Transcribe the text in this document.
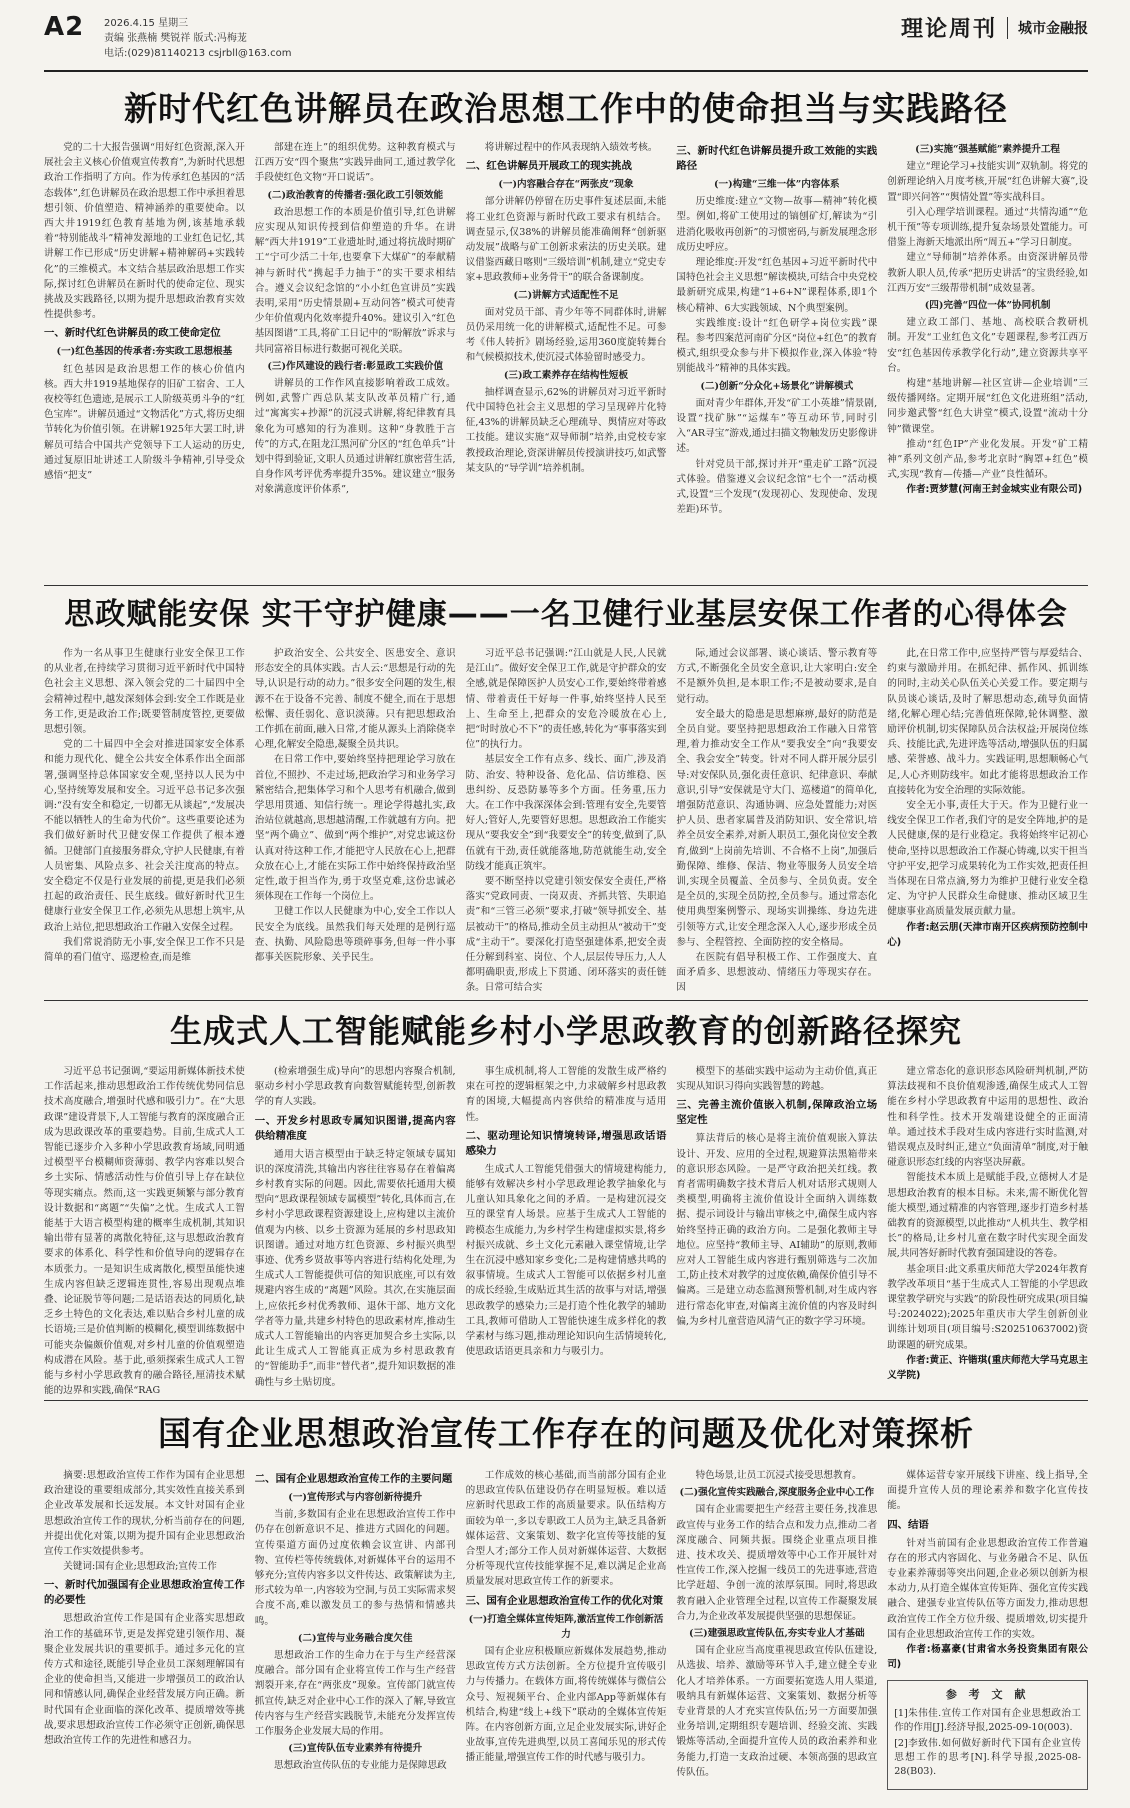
A2 2026.4.15 星期三
责编 张燕楠 樊锐祥 版式:冯梅茏
电话:(029)81140213 csjrbll@163.com
理论周刊 城市金融报
新时代红色讲解员在政治思想工作中的使命担当与实践路径

党的二十大报告强调“用好红色资源,深入开展社会主义核心价值观宣传教育”,为新时代思想政治工作指明了方向。作为传承红色基因的“活态载体”,红色讲解员在政治思想工作中承担着思想引领、价值塑造、精神涵养的重要使命。以西大井1919红色教育基地为例,该基地承载着“特别能战斗”精神发源地的工业红色记忆,其讲解工作已形成“历史讲解+精神解码+实践转化”的三维模式。本文结合基层政治思想工作实际,探讨红色讲解员在新时代的使命定位、现实挑战及实践路径,以期为提升思想政治教育实效性提供参考。

一、新时代红色讲解员的政工使命定位
(一)红色基因的传承者:夯实政工思想根基

红色基因是政治思想工作的核心价值内核。西大井1919基地保存的旧矿工宿舍、工人夜校等红色遗迹,是展示工人阶级英勇斗争的“红色宝库”。讲解员通过“文物活化”方式,将历史细节转化为价值引领。在讲解1925年大罢工时,讲解员可结合中国共产党领导下工人运动的历史,通过复原旧址讲述工人阶级斗争精神,引导受众感悟“把支”

部建在连上”的组织优势。这种教育模式与江西万安“四个聚焦”实践异曲同工,通过教学化手段使红色文物“开口说话”。

(二)政治教育的传播者:强化政工引领效能

政治思想工作的本质是价值引导,红色讲解应实现从知识传授到信仰塑造的升华。在讲解“西大井1919”工业遗址时,通过将抗战时期矿工“宁可少活二十年,也要拿下大煤矿”的奉献精神与新时代“携起手力抽于”的实干要求相结合。遵义会议纪念馆的“小小红色宣讲员”实践表明,采用“历史情景剧+互动问答”模式可使青少年价值观内化效率提升40%。建议引入“红色基因图谱”工具,将矿工日记中的“盼解放”诉求与共同富裕目标进行数据可视化关联。

(三)作风建设的践行者:彰显政工实践价值

讲解员的工作作风直接影响着政工成效。例如,武警广西总队某支队改革员精广行,通过“寓寓实+抄源”的沉浸式讲解,将纪律教育具象化为可感知的行为准则。这种“身教胜于言传”的方式,在阻龙江黑河矿分区的“红色单兵”计划中得到验证,文职人员通过讲解红旗密营生活,自身作风考评优秀率提升35%。建议建立“服务对象满意度评价体系”,

将讲解过程中的作风表现纳入绩效考核。

二、红色讲解员开展政工的现实挑战
(一)内容融合存在“两张皮”现象

部分讲解仍停留在历史事件复述层面,未能将工业红色资源与新时代政工要求有机结合。调查显示,仅38%的讲解员能准确阐释“创新驱动发展”战略与矿工创新求索法的历史关联。建议借鉴西藏日喀则“三级培训”机制,建立“党史专家+思政教师+业务骨干”的联合备课制度。

(二)讲解方式适配性不足

面对党员干部、青少年等不同群体时,讲解员仍采用统一化的讲解模式,适配性不足。可参考《伟人转折》剧场经验,运用360度旋转舞台和气候模拟技术,使沉浸式体验留时感受力。

(三)政工素养存在结构性短板

抽样调查显示,62%的讲解员对习近平新时代中国特色社会主义思想的学习呈现碎片化特征,43%的讲解员缺乏心理疏导、舆情应对等政工技能。建议实施“双导师制”培养,由党校专家教授政治理论,资深讲解员传授演讲技巧,如武警某支队的“导学训”培养机制。

三、新时代红色讲解员提升政工效能的实践路径
(一)构建“三维一体”内容体系

历史维度:建立“文物—故事—精神”转化模型。例如,将矿工使用过的镐刨矿灯,解读为“引进消化吸收再创新”的习惯密码,与新发展理念形成历史呼应。

理论维度:开发“红色基因+习近平新时代中国特色社会主义思想”解读模块,可结合中央党校最新研究成果,构建“1+6+N”课程体系,即1个核心精神、6大实践领域、N个典型案例。

实践维度:设计“红色研学+岗位实践”课程。参考四案范河南矿分区“岗位+红色”的教育模式,组织受众参与井下模拟作业,深入体验“特别能战斗”精神的具体实践。

(二)创新“分众化+场景化”讲解模式

面对青少年群体,开发“矿工小英雄”情景剧,设置“找矿脉”“运煤车”等互动环节,同时引入“AR寻宝”游戏,通过扫描文物触发历史影像讲述。

针对党员干部,探讨并开“重走矿工路”沉浸式体验。借鉴遵义会议纪念馆“七个一”活动模式,设置“三个发现”(发现初心、发现使命、发现差距)环节。

(三)实施“强基赋能”素养提升工程

建立“理论学习+技能实训”双轨制。将党的创新理论纳入月度考核,开展“红色讲解大赛”,设置“即兴问答”“舆情处置”等实战科目。

引入心理学培训课程。通过“共情沟通”“危机干预”等专项训练,提升复杂场景处置能力。可借鉴上海新天地派出所“周五+”学习日制度。

建立“导师制”培养体系。由资深讲解员带教新人职人员,传承“把历史讲活”的宝贵经验,如江西万安“三级帮带机制”成效显著。

(四)完善“四位一体”协同机制

建立政工部门、基地、高校联合教研机制。开发“工业红色文化”专题课程,参考江西万安“红色基因传承教学化行动”,建立资源共享平台。

构建“基地讲解—社区宣讲—企业培训”三级传播网络。定期开展“红色文化进班组”活动,同步邀武警“红色大讲堂”模式,设置“流动十分钟”微课堂。

推动“红色IP”产业化发展。开发“矿工精神”系列文创产品,参考北京时“胸罩+红色”模式,实现“教育—传播—产业”良性循环。

作者:贾梦慧(河南王封金城实业有限公司)

思政赋能安保 实干守护健康——一名卫健行业基层安保工作者的心得体会

作为一名从事卫生健康行业安全保卫工作的从业者,在持续学习贯彻习近平新时代中国特色社会主义思想、深入领会党的二十届四中全会精神过程中,越发深刻体会到:安全工作既是业务工作,更是政治工作;既要管制度管控,更要做思想引领。

党的二十届四中全会对推进国家安全体系和能力现代化、健全公共安全体系作出全面部署,强调坚持总体国家安全观,坚持以人民为中心,坚持统筹发展和安全。习近平总书记多次强调:“没有安全和稳定,一切都无从谈起”,“发展决不能以牺牲人的生命为代价”。这些重要论述为我们做好新时代卫健安保工作提供了根本遵循。卫健部门直接服务群众,守护人民健康,有着人员密集、风险点多、社会关注度高的特点。安全稳定不仅是行业发展的前提,更是我们必须扛起的政治责任、民生底线。做好新时代卫生健康行业安全保卫工作,必须先从思想上筑牢,从政治上站位,把思想政治工作融入安保全过程。

我们常说消防无小事,安全保卫工作不只是简单的看门值守、巡逻检查,而是维

护政治安全、公共安全、医患安全、意识形态安全的具体实践。古人云:“思想是行动的先导,认识是行动的动力。”很多安全问题的发生,根源不在于设备不完善、制度不健全,而在于思想松懈、责任弱化、意识淡薄。只有把思想政治工作抓在前面,融入日常,才能从源头上消除侥幸心理,化解安全隐患,凝聚全员共识。

在日常工作中,要始终坚持把理论学习放在首位,不照抄、不走过场,把政治学习和业务学习紧密结合,把集体学习和个人思考有机融合,做到学思用贯通、知信行统一。理论学得越扎实,政治站位就越高,思想越清醒,工作就越有方向。把坚“两个确立”、做到“两个维护”,对党忠诚这份认真对待这种工作,才能把守人民放在心上,把群众放在心上,才能在实际工作中始终保持政治坚定性,敢于担当作为,勇于攻坚克难,这份忠诚必须体现在工作每一个岗位上。

卫健工作以人民健康为中心,安全工作以人民安全为底线。虽然我们每天处理的是例行巡查、执勤、风险隐患等琐碎事务,但每一件小事都事关医院形象、关乎民生。

习近平总书记强调:“江山就是人民,人民就是江山”。做好安全保卫工作,就是守护群众的安全感,就是保障医护人员安心工作,要始终带着感情、带着责任干好每一件事,始终坚持人民至上、生命至上,把群众的安危冷暖放在心上,把“时时放心不下”的责任感,转化为“事事落实到位”的执行力。

基层安全工作有点多、线长、面广,涉及消防、治安、特种设备、危化品、信访维稳、医患纠纷、反恐防暴等多个方面。任务重,压力大。在工作中我深深体会到:管理有安全,先要管好人;管好人,先要管好思想。思想政治工作能实现从“要我安全”到“我要安全”的转变,做到了,队伍就有干劲,责任就能落地,防范就能生动,安全防线才能真正筑牢。

要不断坚持以党建引领安保安全责任,严格落实“党政同责、一岗双责、齐抓共管、失职追责”和“三管三必须”要求,打破“领导抓安全、基层被动干”的格局,推动全员主动担从“被动干”变成“主动干”。要深化打造坚强建体系,把安全责任分解到科室、岗位、个人,层层传导压力,人人都明确职责,形成上下贯通、闭环落实的责任链条。日常可结合实

际,通过会议部署、谈心谈话、警示教育等方式,不断强化全员安全意识,让大家明白:安全不是额外负担,是本职工作;不是被动要求,是自觉行动。

安全最大的隐患是思想麻痹,最好的防范是全员自觉。要坚持把思想政治工作融入日常管理,着力推动安全工作从“要我安全”向“我要安全、我会安全”转变。针对不同人群开展分层引导:对安保队员,强化责任意识、纪律意识、奉献意识,引导“安保就是守大门、巡楼道”的简单化,增强防范意识、沟通协调、应急处置能力;对医护人员、患者家属普及消防知识、安全常识,培养全员安全素养,对新人职员工,强化岗位安全教育,做到“上岗前先培训、不合格不上岗”,加强后勤保障、维修、保洁、物业等服务人员安全培训,实现全员覆盖、全员参与、全员负责。安全是全员的,实现全员防控,全员参与。通过常态化使用典型案例警示、现场实训操练、身边先进引领等方式,让安全理念深入人心,逐步形成全员参与、全程管控、全面防控的安全格局。

在医院有倡导积极工作、工作强度大、直面矛盾多、思想波动、情绪压力等现实存在。因

此,在日常工作中,应坚持严管与厚爱结合、约束与激励并用。在抓纪律、抓作风、抓训练的同时,主动关心队伍关心关爱工作。要定期与队员谈心谈话,及时了解思想动态,疏导负面情绪,化解心理心结;完善值班保障,轮休调整、激励评价机制,切实保障队员合法权益;开展岗位练兵、技能比武,先进评选等活动,增强队伍的归属感、荣誉感、战斗力。实践证明,思想顺畅心气足,人心齐则防线牢。如此才能将思想政治工作直接转化为安全治理的实际效能。

安全无小事,责任大于天。作为卫健行业一线安全保卫工作者,我们守的是安全阵地,护的是人民健康,保的是行业稳定。我将始终牢记初心使命,坚持以思想政治工作凝心铸魂,以实干担当守护平安,把学习成果转化为工作实效,把责任担当体现在日常点滴,努力为维护卫健行业安全稳定、为守护人民群众生命健康、推动区域卫生健康事业高质量发展贡献力量。

作者:赵云朋(天津市南开区疾病预防控制中心)

生成式人工智能赋能乡村小学思政教育的创新路径探究

习近平总书记强调,“要运用新媒体新技术使工作活起来,推动思想政治工作传统优势同信息技术高度融合,增强时代感和吸引力”。在“大思政课”建设背景下,人工智能与教育的深度融合正成为思政课改革的重要趋势。目前,生成式人工智能已逐步介入多种小学思政教育场域,同明通过模型平台模糊师资薄弱、教学内容难以契合乡土实际、情感活动性与价值引导上存在缺位等现实痛点。然而,这一实践更频繁与部分教育设计数据和“离题”“失偏”之忧。生成式人工智能基于大语言模型构建的概率生成机制,其知识输出带有显著的离散化特征,这与思想政治教育要求的体系化、科学性和价值导向的逻辑存在本质张力。一是知识生成离散化,模型虽能快速生成内容但缺乏逻辑连贯性,容易出现观点堆叠、论证脱节等问题;二是话语表达的同质化,缺乏乡土特色的文化表达,难以贴合乡村儿童的成长语境;三是价值判断的模糊化,模型训练数据中可能夹杂偏颇价值观,对乡村儿童的价值观塑造构成潜在风险。基于此,亟须探索生成式人工智能与乡村小学思政教育的融合路径,厘清技术赋能的边界和实践,确保“RAG

(检索增强生成)导向”的思想内容聚合机制,驱动乡村小学思政教育向数智赋能转型,创新教学的育人实践。

一、开发乡村思政专属知识图谱,提高内容供给精准度

通用大语言模型由于缺乏特定领域专属知识的深度清洗,其输出内容往往容易存在着偏离乡村教育实际的问题。因此,需要依托通用大模型向“思政课程领域专属模型”转化,具体而言,在乡村小学思政课程资源建设上,应构建以主流价值观为内核、以乡土资源为延展的乡村思政知识图谱。通过对地方红色资源、乡村振兴典型事迹、优秀乡贤故事等内容进行结构化处理,为生成式人工智能提供可信的知识底座,可以有效规避内容生成的“离题”风险。其次,在实施层面上,应依托乡村优秀教师、退休干部、地方文化学者等力量,共建乡村特色的思政素材库,推动生成式人工智能输出的内容更加契合乡土实际,以此让生成式人工智能真正成为乡村思政教育的“智能助手”,而非“替代者”,提升知识数据的准确性与乡土贴切度。

事生成机制,将人工智能的发散生成严格约束在可控的逻辑框架之中,力求破解乡村思政教育的困境,大幅提高内容供给的精准度与适用性。

二、驱动理论知识情境转译,增强思政话语感染力

生成式人工智能凭借强大的情境建构能力,能够有效解决乡村小学思政理论教学抽象化与儿童认知具象化之间的矛盾。一是构建沉浸交互的课堂育人场景。应基于生成式人工智能的跨模态生成能力,为乡村学生构建虚拟实景,将乡村振兴成就、乡土文化元素融入课堂情境,让学生在沉浸中感知家乡变化;二是构建情感共鸣的叙事情境。生成式人工智能可以依据乡村儿童的成长经验,生成贴近其生活的故事与对话,增强思政教学的感染力;三是打造个性化教学的辅助工具,教师可借助人工智能快速生成多样化的教学素材与练习题,推动理论知识向生活情境转化,使思政话语更具亲和力与吸引力。

模型下的基础实践中运动为主动价值,真正实现从知识习得向实践智慧的跨越。

三、完善主流价值嵌入机制,保障政治立场坚定性

算法背后的核心是将主流价值观嵌入算法设计、开发、应用的全过程,规避算法黑箱带来的意识形态风险。一是严守政治把关红线。教育者需明确数字技术背后人机对话形式规则人类模型,明确将主流价值设计全面纳入训练数据、提示词设计与输出审核之中,确保生成内容始终坚持正确的政治方向。二是强化教师主导地位。应坚持“教师主导、AI辅助”的原则,教师应对人工智能生成内容进行甄别筛选与二次加工,防止技术对教学的过度依赖,确保价值引导不偏离。三是建立动态监测预警机制,对生成内容进行常态化审查,对偏离主流价值的内容及时纠偏,为乡村儿童营造风清气正的数字学习环境。

建立常态化的意识形态风险研判机制,严防算法歧视和不良价值观渗透,确保生成式人工智能在乡村小学思政教育中运用的思想性、政治性和科学性。技术开发端建设健全的正面清单。通过技术手段对生成内容进行实时监测,对错误观点及时纠正,建立“负面清单”制度,对于触碰意识形态红线的内容坚决屏蔽。

智能技术本质上是赋能手段,立德树人才是思想政治教育的根本目标。未来,需不断优化智能大模型,通过精准的内容管理,逐步打造乡村基础教育的资源模型,以此推动“人机共生、教学相长”的格局,让乡村儿童在数字时代实现全面发展,共同答好新时代教育强国建设的答卷。

基金项目:此文系重庆师范大学2024年教育教学改革项目“基于生成式人工智能的小学思政课堂教学研究与实践”的阶段性研究成果(项目编号:2024022);2025年重庆市大学生创新创业训练计划项目(项目编号:S202510637002)资助课题的研究成果。

作者:黄正、许锴琪(重庆师范大学马克思主义学院)

国有企业思想政治宣传工作存在的问题及优化对策探析

摘要:思想政治宣传工作作为国有企业思想政治建设的重要组成部分,其实效性直接关系到企业改革发展和长远发展。本文针对国有企业思想政治宣传工作的现状,分析当前存在的问题,并提出优化对策,以期为提升国有企业思想政治宣传工作实效提供参考。

关键词:国有企业;思想政治;宣传工作

一、新时代加强国有企业思想政治宣传工作的必要性

思想政治宣传工作是国有企业落实思想政治工作的基础环节,更是发挥党建引领作用、凝聚企业发展共识的重要抓手。通过多元化的宣传方式和途径,既能引导企业员工深刻理解国有企业的使命担当,又能进一步增强员工的政治认同和情感认同,确保企业经营发展方向正确。新时代国有企业面临的深化改革、提质增效等挑战,要求思想政治宣传工作必须守正创新,确保思想政治宣传工作的先进性和感召力。

二、国有企业思想政治宣传工作的主要问题
(一)宣传形式与内容创新待提升

当前,多数国有企业在思想政治宣传工作中仍存在创新意识不足、推进方式固化的问题。宣传渠道方面仍过度依赖会议宣讲、内部刊物、宣传栏等传统载体,对新媒体平台的运用不够充分;宣传内容多以文件传达、政策解读为主,形式较为单一,内容较为空洞,与员工实际需求契合度不高,难以激发员工的参与热情和情感共鸣。

(二)宣传与业务融合度欠佳

思想政治工作的生命力在于与生产经营深度融合。部分国有企业将宣传工作与生产经营割裂开来,存在“两张皮”现象。宣传部门就宣传抓宣传,缺乏对企业中心工作的深入了解,导致宣传内容与生产经营实践脱节,未能充分发挥宣传工作服务企业发展大局的作用。

(三)宣传队伍专业素养有待提升

思想政治宣传队伍的专业能力是保障思政

工作成效的核心基础,而当前部分国有企业的思政宣传队伍建设仍存在明显短板。难以适应新时代思政工作的高质量要求。队伍结构方面较为单一,多以专职政工人员为主,缺乏具备新媒体运营、文案策划、数字化宣传等技能的复合型人才;部分工作人员对新媒体运营、大数据分析等现代宣传技能掌握不足,难以满足企业高质量发展对思政宣传工作的新要求。

三、国有企业思想政治宣传工作的优化对策
(一)打造全媒体宣传矩阵,激活宣传工作创新活力

国有企业应积极顺应新媒体发展趋势,推动思政宣传方式方法创新。全方位提升宣传吸引力与传播力。在载体方面,将传统媒体与微信公众号、短视频平台、企业内部App等新媒体有机结合,构建“线上+线下”联动的全媒体宣传矩阵。在内容创新方面,立足企业发展实际,讲好企业故事,宣传先进典型,以员工喜闻乐见的形式传播正能量,增强宣传工作的时代感与吸引力。

特色场景,让员工沉浸式接受思想教育。

(二)强化宣传实践融合,深度服务企业中心工作

国有企业需要把生产经营主要任务,找准思政宣传与业务工作的结合点和发力点,推动二者深度融合、同频共振。围绕企业重点项目推进、技术攻关、提质增效等中心工作开展针对性宣传工作,深入挖掘一线员工的先进事迹,营造比学赶超、争创一流的浓厚氛围。同时,将思政教育融入企业管理全过程,以宣传工作凝聚发展合力,为企业改革发展提供坚强的思想保证。

(三)建强思政宣传队伍,夯实专业人才基础

国有企业应当高度重视思政宣传队伍建设,从选拔、培养、激励等环节入手,建立健全专业化人才培养体系。一方面要拓宽选人用人渠道,吸纳具有新媒体运营、文案策划、数据分析等专业背景的人才充实宣传队伍;另一方面要加强业务培训,定期组织专题培训、经验交流、实践锻炼等活动,全面提升宣传人员的政治素养和业务能力,打造一支政治过硬、本领高强的思政宣传队伍。

媒体运营专家开展线下讲座、线上指导,全面提升宣传人员的理论素养和数字化宣传技能。

四、结语

针对当前国有企业思想政治宣传工作普遍存在的形式内容固化、与业务融合不足、队伍专业素养薄弱等突出问题,企业必须以创新为根本动力,从打造全媒体宣传矩阵、强化宣传实践融合、建强专业宣传队伍等方面发力,推动思想政治宣传工作全方位升级、提质增效,切实提升国有企业思想政治宣传工作的实效。

作者:杨嘉豪(甘肃省水务投资集团有限公司)

参 考 文 献

[1]朱伟佳.宣传工作对国有企业思想政治工作的作用[J].经济导报,2025-09-10(003).

[2]李致伟.如何做好新时代下国有企业宣传思想工作的思考[N].科学导报,2025-08-28(B03).
